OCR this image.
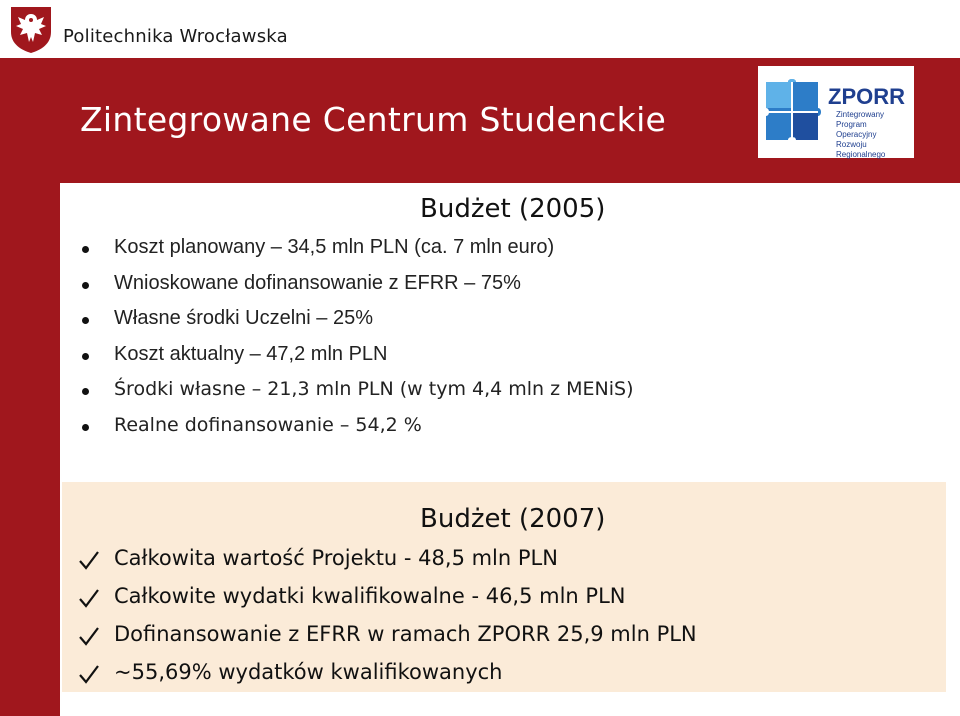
Politechnika Wrocławska
Zintegrowane Centrum Studenckie
ZPORR
Zintegrowany Program
Operacyjny
Rozwoju Regionalnego
Budżet (2005)
Koszt planowany – 34,5 mln PLN (ca. 7 mln euro)
Wnioskowane dofinansowanie z EFRR – 75%
Własne środki Uczelni – 25%
Koszt aktualny – 47,2 mln PLN
Środki własne – 21,3 mln PLN (w tym 4,4 mln z MENiS)
Realne dofinansowanie – 54,2 %
Budżet (2007)
Całkowita wartość Projektu - 48,5 mln PLN
Całkowite wydatki kwalifikowalne - 46,5 mln PLN
Dofinansowanie z EFRR w ramach ZPORR 25,9 mln PLN
~55,69% wydatków kwalifikowanych
